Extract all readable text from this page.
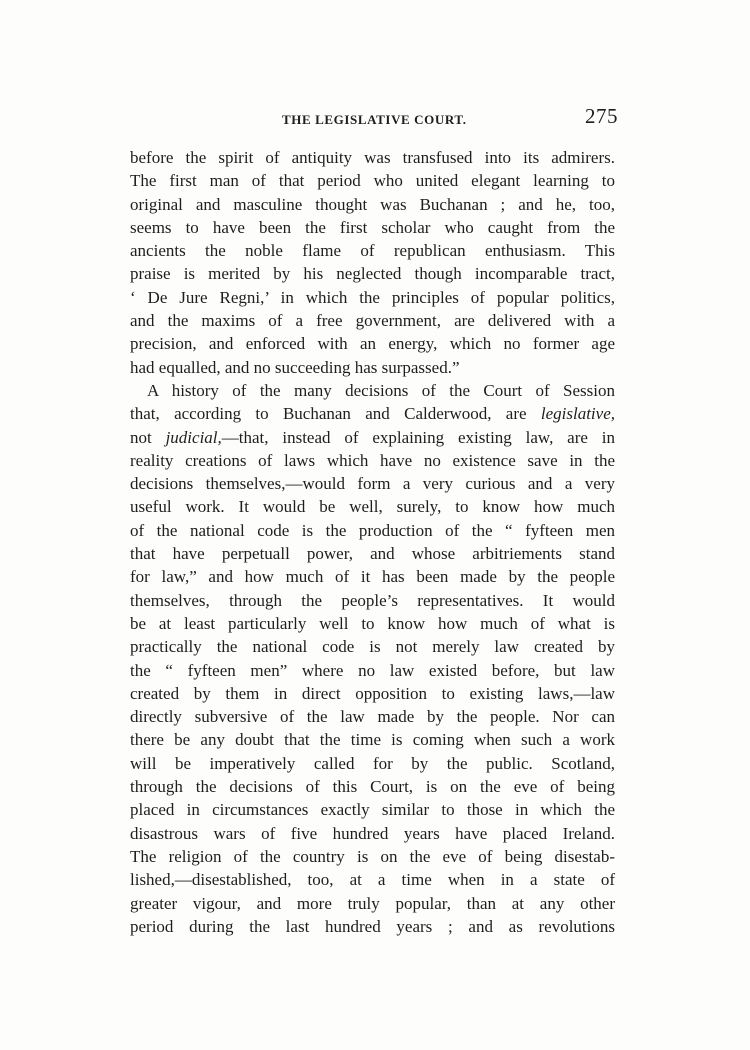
THE LEGISLATIVE COURT.	275
before the spirit of antiquity was transfused into its admirers.
The first man of that period who united elegant learning to
original and masculine thought was Buchanan ; and he, too,
seems to have been the first scholar who caught from the
ancients the noble flame of republican enthusiasm. This
praise is merited by his neglected though incomparable tract,
‘ De Jure Regni,’ in which the principles of popular politics,
and the maxims of a free government, are delivered with a
precision, and enforced with an energy, which no former age
had equalled, and no succeeding has surpassed.”
A history of the many decisions of the Court of Session
that, according to Buchanan and Calderwood, are legislative,
not judicial,—that, instead of explaining existing law, are in
reality creations of laws which have no existence save in the
decisions themselves,—would form a very curious and a very
useful work. It would be well, surely, to know how much
of the national code is the production of the “ fyfteen men
that have perpetuall power, and whose arbitriements stand
for law,” and how much of it has been made by the people
themselves, through the people’s representatives. It would
be at least particularly well to know how much of what is
practically the national code is not merely law created by
the “ fyfteen men” where no law existed before, but law
created by them in direct opposition to existing laws,—law
directly subversive of the law made by the people. Nor can
there be any doubt that the time is coming when such a work
will be imperatively called for by the public. Scotland,
through the decisions of this Court, is on the eve of being
placed in circumstances exactly similar to those in which the
disastrous wars of five hundred years have placed Ireland.
The religion of the country is on the eve of being disestab-
lished,—disestablished, too, at a time when in a state of
greater vigour, and more truly popular, than at any other
period during the last hundred years ; and as revolutions
